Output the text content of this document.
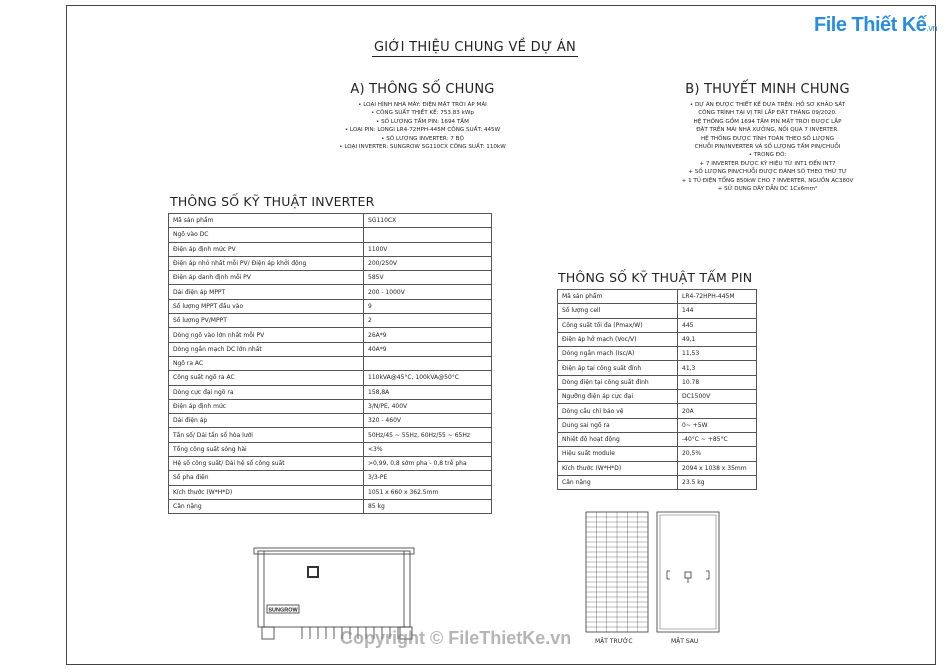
File Thiết Kế.vn
GIỚI THIỆU CHUNG VỀ DỰ ÁN
A) THÔNG SỐ CHUNG
• LOẠI HÌNH NHÀ MÁY: ĐIỆN MẶT TRỜI ÁP MÁI
• CÔNG SUẤT THIẾT KẾ: 753.83 kWp
• SỐ LƯỢNG TẤM PIN: 1694 TẤM
• LOẠI PIN: LONGI LR4-72HPH-445M CÔNG SUẤT: 445W
• SỐ LƯỢNG INVERTER: 7 BỘ
• LOẠI INVERTER: SUNGROW SG110CX CÔNG SUẤT: 110kW
B) THUYẾT MINH CHUNG
• DỰ ÁN ĐƯỢC THIẾT KẾ DỰA TRÊN: HỒ SƠ KHẢO SÁT
CÔNG TRÌNH TẠI VỊ TRÍ LẮP ĐẶT THÁNG 09/2020.
HỆ THỐNG GỒM 1694 TẤM PIN MẶT TRỜI ĐƯỢC LẮP
ĐẶT TRÊN MÁI NHÀ XƯỞNG, NỐI QUA 7 INVERTER.
HỆ THỐNG ĐƯỢC TÍNH TOÁN THEO SỐ LƯỢNG
CHUỖI PIN/INVERTER VÀ SỐ LƯỢNG TẤM PIN/CHUỖI
• TRONG ĐÓ:
+ 7 INVERTER ĐƯỢC KÝ HIỆU TỪ INT1 ĐẾN INT7
+ SỐ LƯỢNG PIN/CHUỖI ĐƯỢC ĐÁNH SỐ THEO THỨ TỰ
+ 1 TỦ ĐIỆN TỔNG 850kW CHO 7 INVERTER, NGUỒN AC380V
+ SỬ DỤNG DÂY DẪN DC 1Cx6mm²
THÔNG SỐ KỸ THUẬT INVERTER
Mã sản phẩm	SG110CX
Ngõ vào DC	
Điện áp định mức PV	1100V
Điện áp nhỏ nhất mỗi PV/ Điện áp khởi động	200/250V
Điện áp danh định mỗi PV	585V
Dải điện áp MPPT	200 - 1000V
Số lượng MPPT đầu vào	9
Số lượng PV/MPPT	2
Dòng ngõ vào lớn nhất mỗi PV	26A*9
Dòng ngắn mạch DC lớn nhất	40A*9
Ngõ ra AC	
Công suất ngõ ra AC	110kVA@45°C, 100kVA@50°C
Dòng cực đại ngõ ra	158,8A
Điện áp định mức	3/N/PE, 400V
Dải điện áp	320 - 460V
Tần số/ Dải tần số hòa lưới	50Hz/45 ~ 55Hz, 60Hz/55 ~ 65Hz
Tổng công suất sóng hài	<3%
Hệ số công suất/ Dải hệ số công suất	>0,99, 0,8 sớm pha - 0,8 trễ pha
Số pha điện	3/3-PE
Kích thước (W*H*D)	1051 x 660 x 362.5mm
Cân nặng	85 kg
THÔNG SỐ KỸ THUẬT TẤM PIN
Mã sản phẩm	LR4-72HPH-445M
Số lượng cell	144
Công suất tối đa (Pmax/W)	445
Điện áp hở mạch (Voc/V)	49,1
Dòng ngắn mạch (Isc/A)	11,53
Điện áp tại công suất đỉnh	41,3
Dòng điện tại công suất đỉnh	10.78
Ngưỡng điện áp cực đại	DC1500V
Dòng cầu chì bảo vệ	20A
Dung sai ngõ ra	0~ +5W
Nhiệt độ hoạt động	-40°C ~ +85°C
Hiệu suất module	20,5%
Kích thước (W*H*D)	2094 x 1038 x 35mm
Cân nặng	23.5 kg
SUNGROW
MẶT TRƯỚC	MẶT SAU
Copyright © FileThietKe.vn
